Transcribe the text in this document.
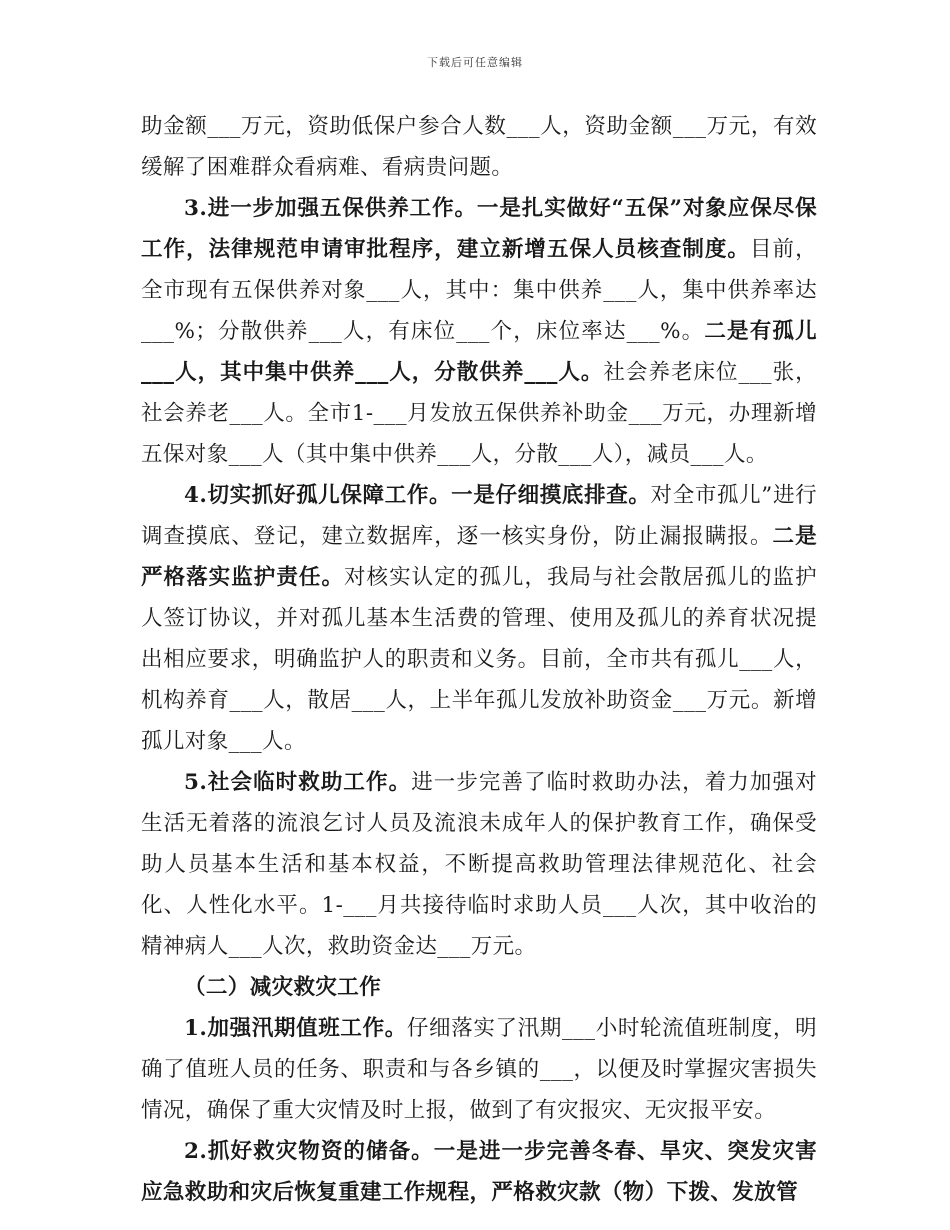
下载后可任意编辑

助金额___万元，资助低保户参合人数___人，资助金额___万元，有效缓解了困难群众看病难、看病贵问题。

3.进一步加强五保供养工作。一是扎实做好“五保”对象应保尽保工作，法律规范申请审批程序，建立新增五保人员核查制度。目前，全市现有五保供养对象___人，其中：集中供养___人，集中供养率达___%；分散供养___人，有床位___个，床位率达___%。二是有孤儿___人，其中集中供养___人，分散供养___人。社会养老床位___张，社会养老___人。全市1-___月发放五保供养补助金___万元，办理新增五保对象___人（其中集中供养___人，分散___人），减员___人。

4.切实抓好孤儿保障工作。一是仔细摸底排查。对全市孤儿”进行调查摸底、登记，建立数据库，逐一核实身份，防止漏报瞒报。二是严格落实监护责任。对核实认定的孤儿，我局与社会散居孤儿的监护人签订协议，并对孤儿基本生活费的管理、使用及孤儿的养育状况提出相应要求，明确监护人的职责和义务。目前，全市共有孤儿___人，机构养育___人，散居___人，上半年孤儿发放补助资金___万元。新增孤儿对象___人。

5.社会临时救助工作。进一步完善了临时救助办法，着力加强对生活无着落的流浪乞讨人员及流浪未成年人的保护教育工作，确保受助人员基本生活和基本权益，不断提高救助管理法律规范化、社会化、人性化水平。1-___月共接待临时求助人员___人次，其中收治的精神病人___人次，救助资金达___万元。

（二）减灾救灾工作

1.加强汛期值班工作。仔细落实了汛期___小时轮流值班制度，明确了值班人员的任务、职责和与各乡镇的___，以便及时掌握灾害损失情况，确保了重大灾情及时上报，做到了有灾报灾、无灾报平安。

2.抓好救灾物资的储备。一是进一步完善冬春、旱灾、突发灾害应急救助和灾后恢复重建工作规程，严格救灾款（物）下拨、发放管
